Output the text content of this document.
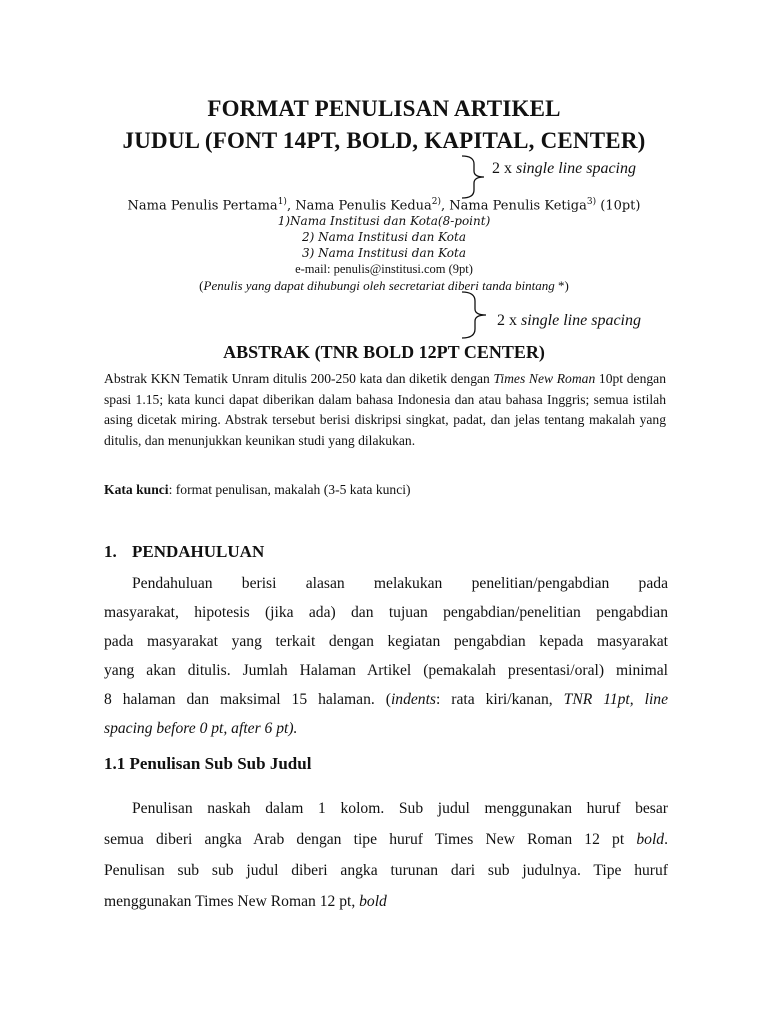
FORMAT PENULISAN ARTIKEL
JUDUL (FONT 14PT, BOLD, KAPITAL, CENTER)
2 x single line spacing
Nama Penulis Pertama$^{1)}$, Nama Penulis Kedua$^{2)}$, Nama Penulis Ketiga$^{3)}$ (10pt)
1)Nama Institusi dan Kota(8-point)
2) Nama Institusi dan Kota
3) Nama Institusi dan Kota
e-mail: penulis@institusi.com (9pt)
(Penulis yang dapat dihubungi oleh secretariat diberi tanda bintang *)
2 x single line spacing
ABSTRAK (TNR BOLD 12PT CENTER)
Abstrak KKN Tematik Unram ditulis 200-250 kata dan diketik dengan Times New Roman 10pt dengan spasi 1.15; kata kunci dapat diberikan dalam bahasa Indonesia dan atau bahasa Inggris; semua istilah asing dicetak miring. Abstrak tersebut berisi diskripsi singkat, padat, dan jelas tentang makalah yang ditulis, dan menunjukkan keunikan studi yang dilakukan.
Kata kunci: format penulisan, makalah (3-5 kata kunci)
1. PENDAHULUAN
Pendahuluan berisi alasan melakukan penelitian/pengabdian pada
masyarakat, hipotesis (jika ada) dan tujuan pengabdian/penelitian pengabdian
pada masyarakat yang terkait dengan kegiatan pengabdian kepada masyarakat
yang akan ditulis. Jumlah Halaman Artikel (pemakalah presentasi/oral) minimal
8 halaman dan maksimal 15 halaman. (indents: rata kiri/kanan, TNR 11pt, line
spacing before 0 pt, after 6 pt).
1.1 Penulisan Sub Sub Judul
Penulisan naskah dalam 1 kolom. Sub judul menggunakan huruf besar
semua diberi angka Arab dengan tipe huruf Times New Roman 12 pt bold.
Penulisan sub sub judul diberi angka turunan dari sub judulnya. Tipe huruf
menggunakan Times New Roman 12 pt, bold
